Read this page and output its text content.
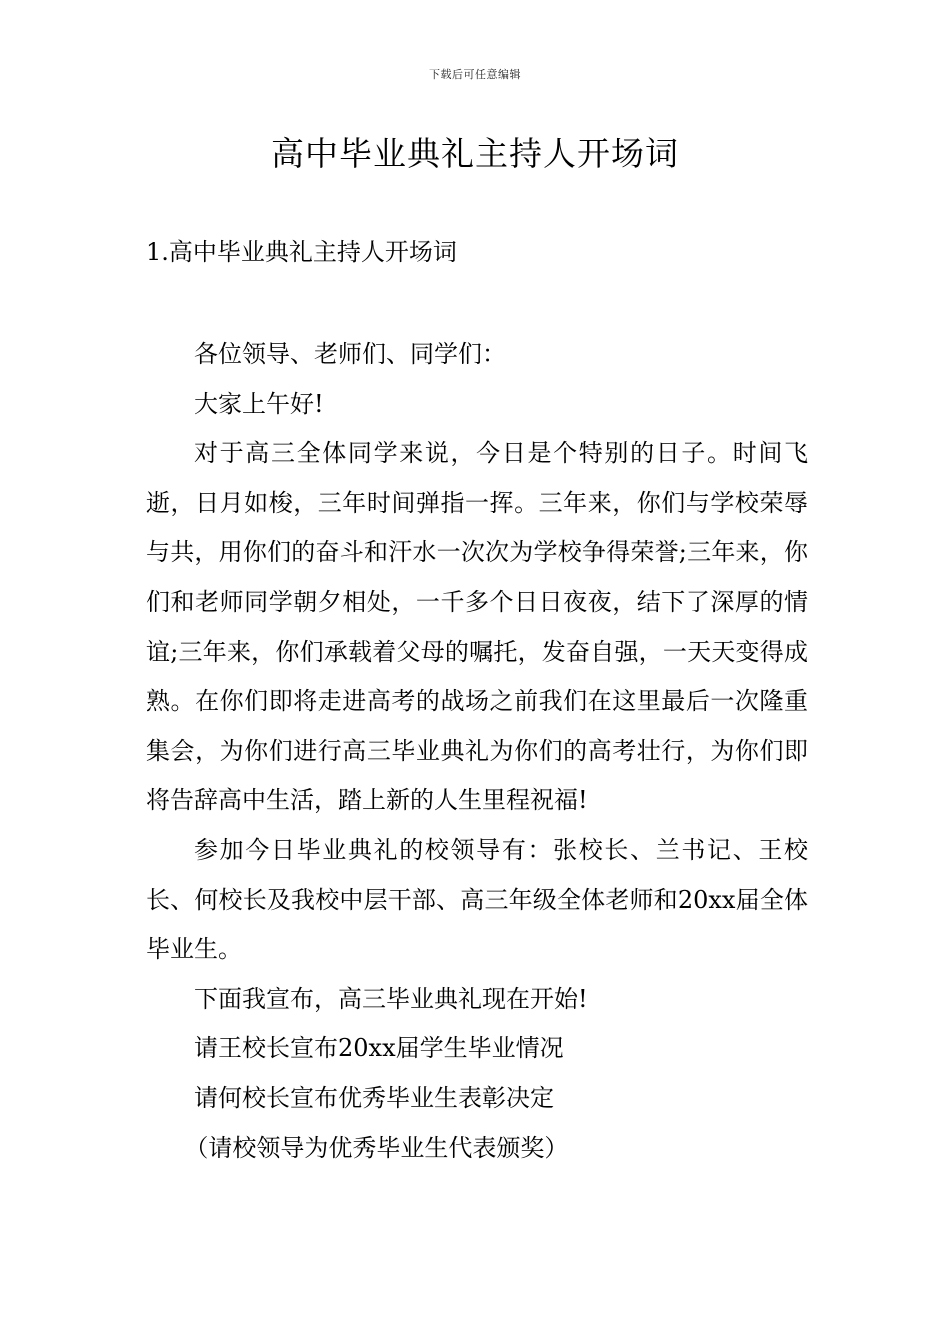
下载后可任意编辑
高中毕业典礼主持人开场词
1.高中毕业典礼主持人开场词

各位领导、老师们、同学们：

大家上午好!

对于高三全体同学来说，今日是个特别的日子。时间飞逝，日月如梭，三年时间弹指一挥。三年来，你们与学校荣辱与共，用你们的奋斗和汗水一次次为学校争得荣誉;三年来，你们和老师同学朝夕相处，一千多个日日夜夜，结下了深厚的情谊;三年来，你们承载着父母的嘱托，发奋自强，一天天变得成熟。在你们即将走进高考的战场之前我们在这里最后一次隆重集会，为你们进行高三毕业典礼为你们的高考壮行，为你们即将告辞高中生活，踏上新的人生里程祝福!

参加今日毕业典礼的校领导有：张校长、兰书记、王校长、何校长及我校中层干部、高三年级全体老师和20xx届全体毕业生。

下面我宣布，高三毕业典礼现在开始!

请王校长宣布20xx届学生毕业情况

请何校长宣布优秀毕业生表彰决定

（请校领导为优秀毕业生代表颁奖）
